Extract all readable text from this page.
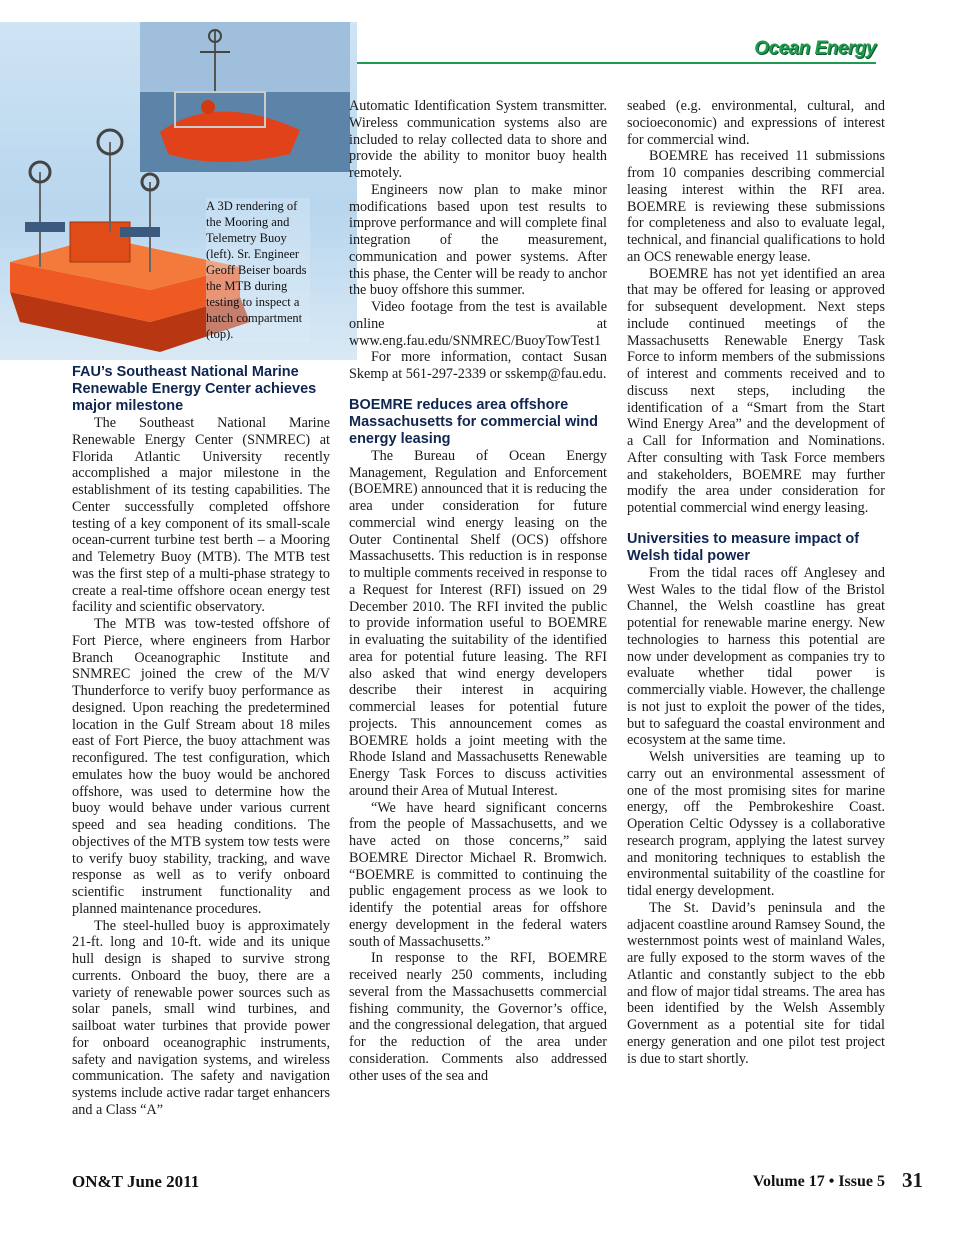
Ocean Energy
A 3D rendering of the Mooring and Telemetry Buoy (left). Sr. Engineer Geoff Beiser boards the MTB during testing to inspect a hatch compartment (top).
FAU’s Southeast National Marine Renewable Energy Center achieves major milestone

The Southeast National Marine Renewable Energy Center (SNMREC) at Florida Atlantic University recently accomplished a major milestone in the establishment of its testing capabilities. The Center successfully completed offshore testing of a key component of its small-scale ocean-current turbine test berth – a Mooring and Telemetry Buoy (MTB). The MTB test was the first step of a multi-phase strategy to create a real-time offshore ocean energy test facility and scientific observatory.

The MTB was tow-tested offshore of Fort Pierce, where engineers from Harbor Branch Oceanographic Institute and SNMREC joined the crew of the M/V Thunderforce to verify buoy performance as designed. Upon reaching the predetermined location in the Gulf Stream about 18 miles east of Fort Pierce, the buoy attachment was reconfigured. The test configuration, which emulates how the buoy would be anchored offshore, was used to determine how the buoy would behave under various current speed and sea heading conditions. The objectives of the MTB system tow tests were to verify buoy stability, tracking, and wave response as well as to verify onboard scientific instrument functionality and planned maintenance procedures.

The steel-hulled buoy is approximately 21-ft. long and 10-ft. wide and its unique hull design is shaped to survive strong currents. Onboard the buoy, there are a variety of renewable power sources such as solar panels, small wind turbines, and sailboat water turbines that provide power for onboard oceanographic instruments, safety and navigation systems, and wireless communication. The safety and navigation systems include active radar target enhancers and a Class “A”

Automatic Identification System transmitter. Wireless communication systems also are included to relay collected data to shore and provide the ability to monitor buoy health remotely.

Engineers now plan to make minor modifications based upon test results to improve performance and will complete final integration of the measurement, communication and power systems. After this phase, the Center will be ready to anchor the buoy offshore this summer.

Video footage from the test is available online at www.eng.fau.edu/SNMREC/BuoyTowTest1

For more information, contact Susan Skemp at 561-297-2339 or sskemp@fau.edu.

BOEMRE reduces area offshore Massachusetts for commercial wind energy leasing

The Bureau of Ocean Energy Management, Regulation and Enforcement (BOEMRE) announced that it is reducing the area under consideration for future commercial wind energy leasing on the Outer Continental Shelf (OCS) offshore Massachusetts. This reduction is in response to multiple comments received in response to a Request for Interest (RFI) issued on 29 December 2010. The RFI invited the public to provide information useful to BOEMRE in evaluating the suitability of the identified area for potential future leasing. The RFI also asked that wind energy developers describe their interest in acquiring commercial leases for potential future projects. This announcement comes as BOEMRE holds a joint meeting with the Rhode Island and Massachusetts Renewable Energy Task Forces to discuss activities around their Area of Mutual Interest.

“We have heard significant concerns from the people of Massachusetts, and we have acted on those concerns,” said BOEMRE Director Michael R. Bromwich. “BOEMRE is committed to continuing the public engagement process as we look to identify the potential areas for offshore energy development in the federal waters south of Massachusetts.”

In response to the RFI, BOEMRE received nearly 250 comments, including several from the Massachusetts commercial fishing community, the Governor’s office, and the congressional delegation, that argued for the reduction of the area under consideration. Comments also addressed other uses of the sea and

seabed (e.g. environmental, cultural, and socioeconomic) and expressions of interest for commercial wind.

BOEMRE has received 11 submissions from 10 companies describing commercial leasing interest within the RFI area. BOEMRE is reviewing these submissions for completeness and also to evaluate legal, technical, and financial qualifications to hold an OCS renewable energy lease.

BOEMRE has not yet identified an area that may be offered for leasing or approved for subsequent development. Next steps include continued meetings of the Massachusetts Renewable Energy Task Force to inform members of the submissions of interest and comments received and to discuss next steps, including the identification of a “Smart from the Start Wind Energy Area” and the development of a Call for Information and Nominations. After consulting with Task Force members and stakeholders, BOEMRE may further modify the area under consideration for potential commercial wind energy leasing.

Universities to measure impact of Welsh tidal power

From the tidal races off Anglesey and West Wales to the tidal flow of the Bristol Channel, the Welsh coastline has great potential for renewable marine energy. New technologies to harness this potential are now under development as companies try to evaluate whether tidal power is commercially viable. However, the challenge is not just to exploit the power of the tides, but to safeguard the coastal environment and ecosystem at the same time.

Welsh universities are teaming up to carry out an environmental assessment of one of the most promising sites for marine energy, off the Pembrokeshire Coast. Operation Celtic Odyssey is a collaborative research program, applying the latest survey and monitoring techniques to establish the environmental suitability of the coastline for tidal energy development.

The St. David’s peninsula and the adjacent coastline around Ramsey Sound, the westernmost points west of mainland Wales, are fully exposed to the storm waves of the Atlantic and constantly subject to the ebb and flow of major tidal streams. The area has been identified by the Welsh Assembly Government as a potential site for tidal energy generation and one pilot test project is due to start shortly.

ON&T June 2011	Volume 17 • Issue 5 31
